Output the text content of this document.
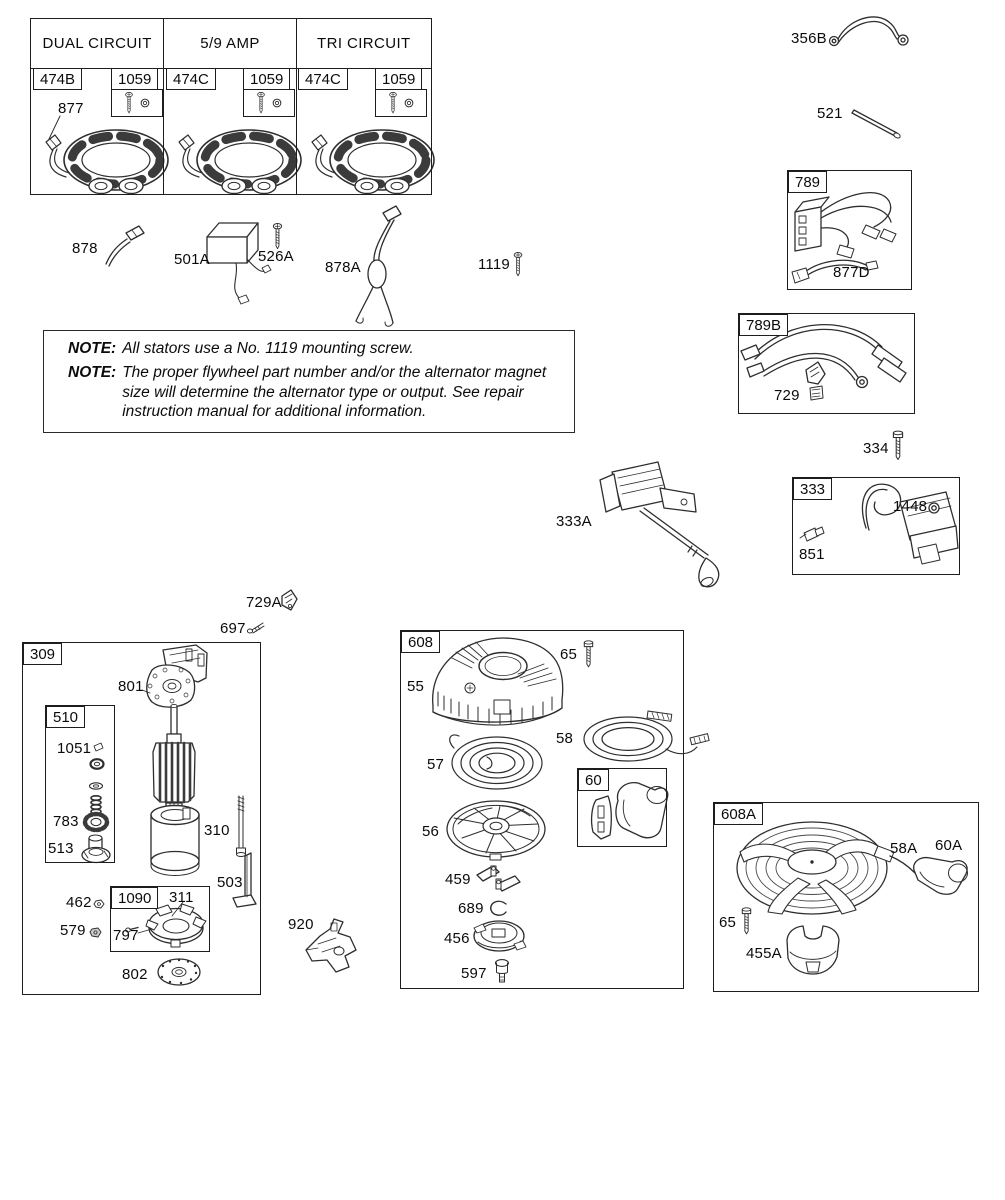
DUAL CIRCUIT	5/9 AMP	TRI CIRCUIT
474B	1059	474C	1059	474C	1059
789
789B
333
309
510
1090
608
60
608A
NOTE: All stators use a No. 1119 mounting screw.
NOTE: The proper flywheel part number and/or the alternator magnet size will determine the alternator type or output. See repair instruction manual for additional information.
877
878
501A	526A
878A	1119
356B
521
877D
729
334
1448
851
333A
729A
697
801
1051
783
513
310
503
462
579
311
797
802
920
55
65
58
57
56
459
689
456
597
58A 60A
65
455A
